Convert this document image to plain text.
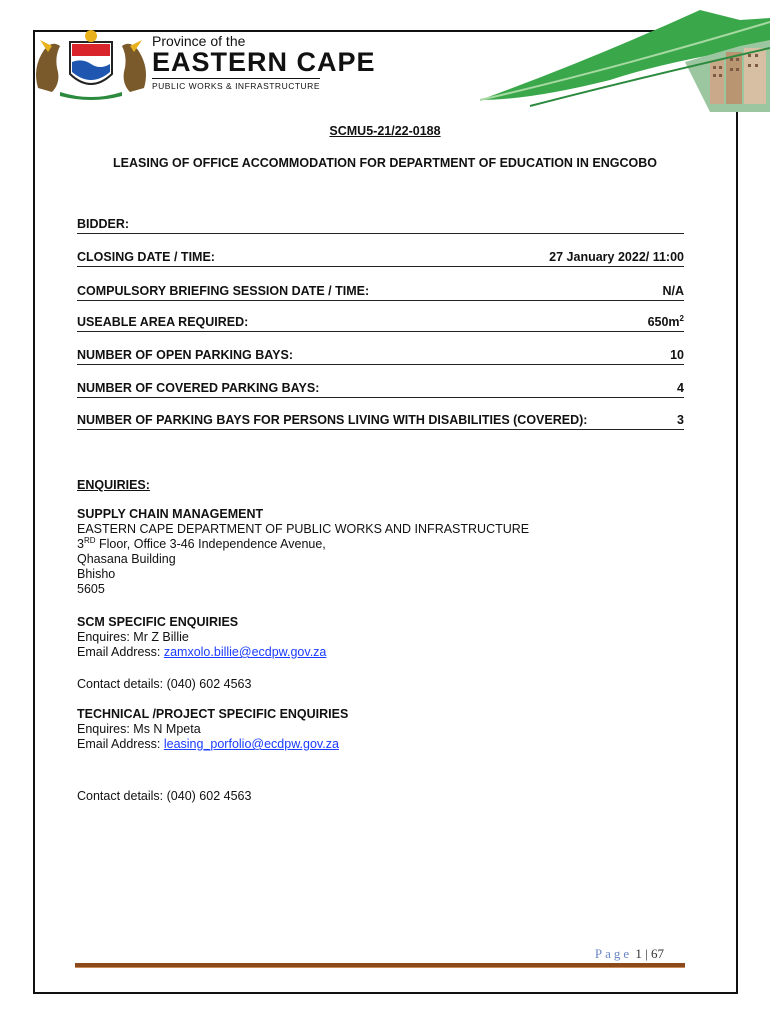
Province of the
EASTERN CAPE
PUBLIC WORKS & INFRASTRUCTURE
SCMU5-21/22-0188
LEASING OF OFFICE ACCOMMODATION FOR DEPARTMENT OF EDUCATION IN ENGCOBO
BIDDER:
CLOSING DATE / TIME:	27 January 2022/ 11:00
COMPULSORY BRIEFING SESSION DATE / TIME:	N/A
USEABLE AREA REQUIRED:	$650m^2$
NUMBER OF OPEN PARKING BAYS:	10
NUMBER OF COVERED PARKING BAYS:	4
NUMBER OF PARKING BAYS FOR PERSONS LIVING WITH DISABILITIES (COVERED):	3
ENQUIRIES:
SUPPLY CHAIN MANAGEMENT
EASTERN CAPE DEPARTMENT OF PUBLIC WORKS AND INFRASTRUCTURE
3RD Floor, Office 3-46 Independence Avenue,
Qhasana Building
Bhisho
5605
SCM SPECIFIC ENQUIRIES
Enquires: Mr Z Billie
Email Address: zamxolo.billie@ecdpw.gov.za
Contact details: (040) 602 4563
TECHNICAL /PROJECT SPECIFIC ENQUIRIES
Enquires: Ms N Mpeta
Email Address: leasing_porfolio@ecdpw.gov.za
Contact details: (040) 602 4563
Page 1 | 67
